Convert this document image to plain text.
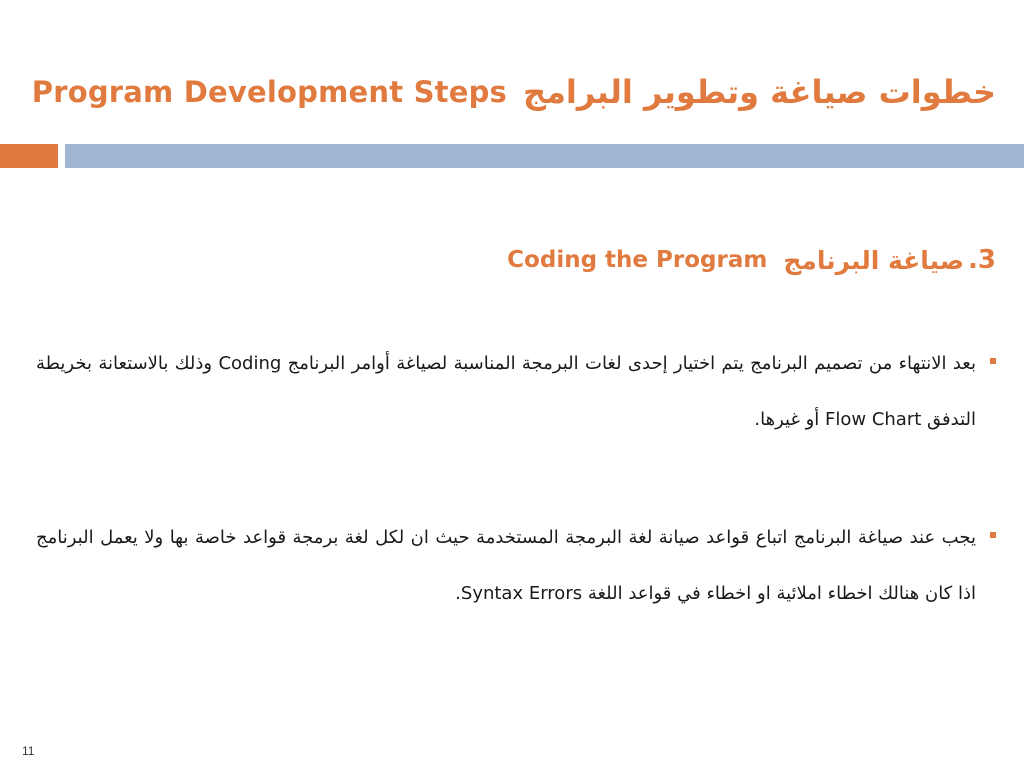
Program Development Steps خطوات صياغة وتطوير البرامج
3.
صياغة البرنامج
Coding the Program
بعد الانتهاء من تصميم البرنامج يتم اختيار إحدى لغات البرمجة المناسبة لصياغة أوامر البرنامج Coding وذلك بالاستعانة بخريطة التدفق Flow Chart أو غيرها.
يجب عند صياغة البرنامج اتباع قواعد صيانة لغة البرمجة المستخدمة حيث ان لكل لغة برمجة قواعد خاصة بها ولا يعمل البرنامج اذا كان هنالك اخطاء املائية او اخطاء في قواعد اللغة Syntax Errors.
11
